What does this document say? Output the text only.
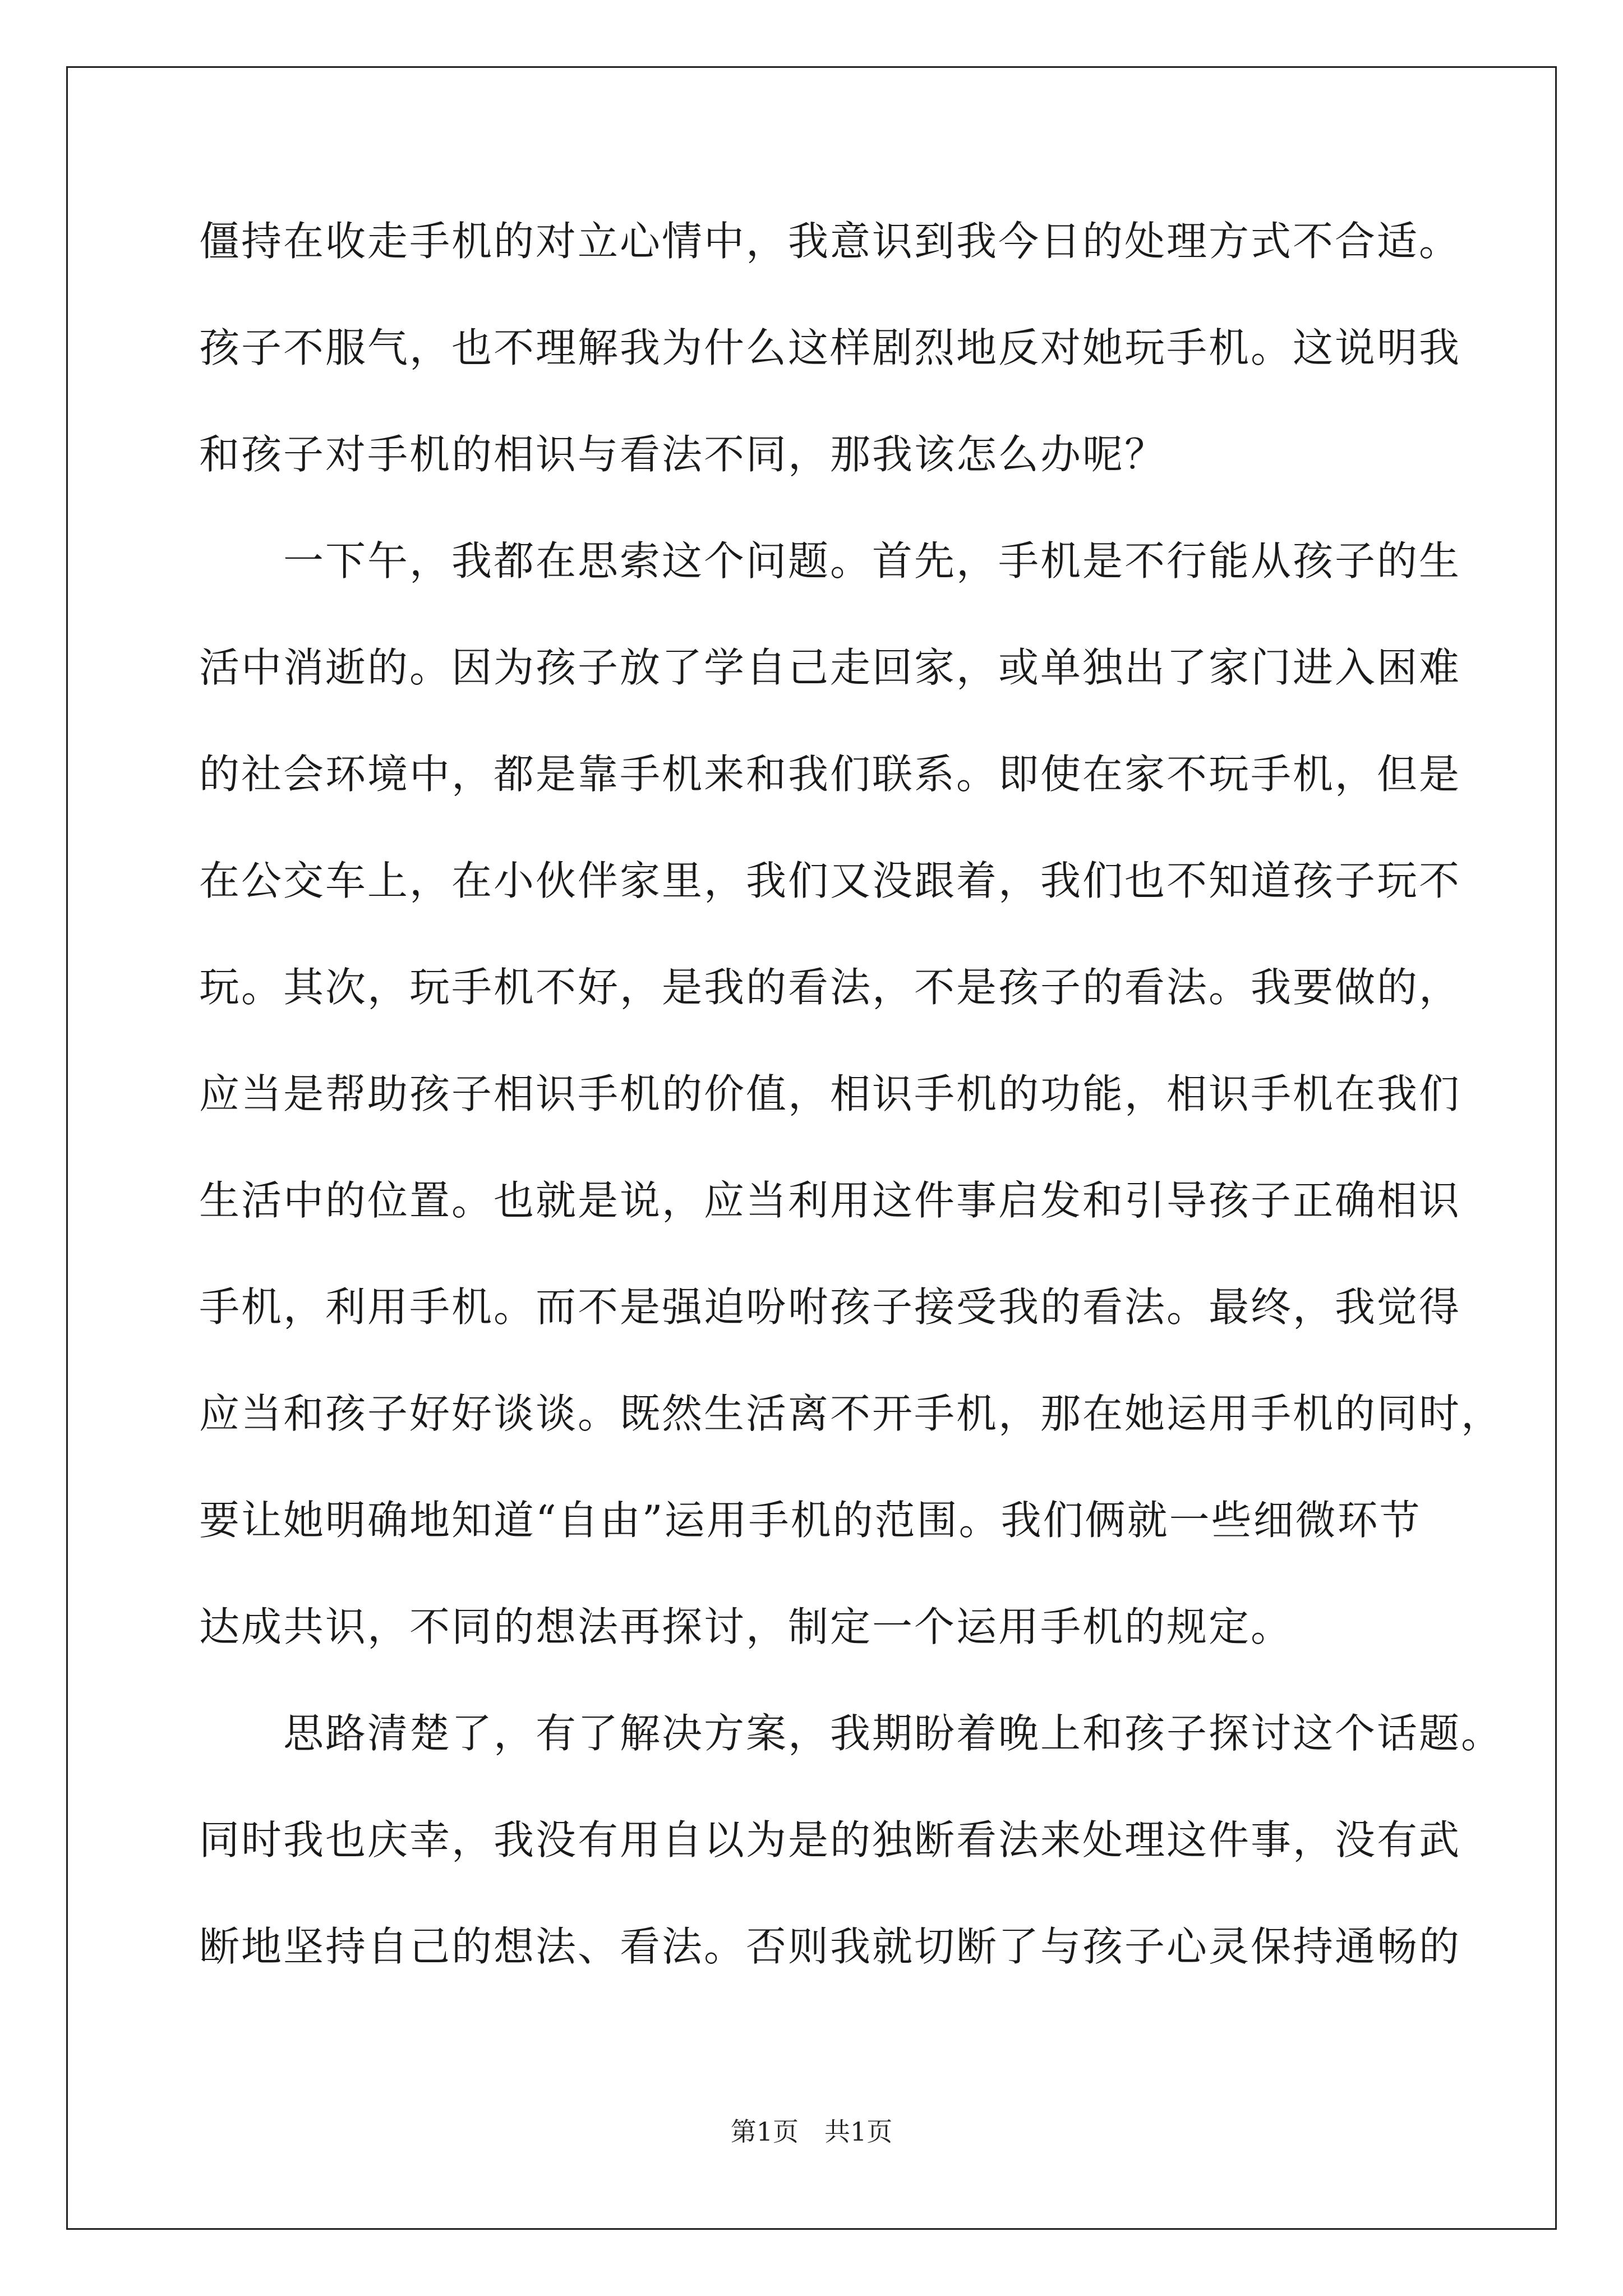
僵持在收走手机的对立心情中，我意识到我今日的处理方式不合适。
孩子不服气，也不理解我为什么这样剧烈地反对她玩手机。这说明我
和孩子对手机的相识与看法不同，那我该怎么办呢？
　　一下午，我都在思索这个问题。首先，手机是不行能从孩子的生
活中消逝的。因为孩子放了学自己走回家，或单独出了家门进入困难
的社会环境中，都是靠手机来和我们联系。即使在家不玩手机，但是
在公交车上，在小伙伴家里，我们又没跟着，我们也不知道孩子玩不
玩。其次，玩手机不好，是我的看法，不是孩子的看法。我要做的，
应当是帮助孩子相识手机的价值，相识手机的功能，相识手机在我们
生活中的位置。也就是说，应当利用这件事启发和引导孩子正确相识
手机，利用手机。而不是强迫吩咐孩子接受我的看法。最终，我觉得
应当和孩子好好谈谈。既然生活离不开手机，那在她运用手机的同时，
要让她明确地知道“自由”运用手机的范围。我们俩就一些细微环节
达成共识，不同的想法再探讨，制定一个运用手机的规定。
　　思路清楚了，有了解决方案，我期盼着晚上和孩子探讨这个话题。
同时我也庆幸，我没有用自以为是的独断看法来处理这件事，没有武
断地坚持自己的想法、看法。否则我就切断了与孩子心灵保持通畅的
第1页　共1页
